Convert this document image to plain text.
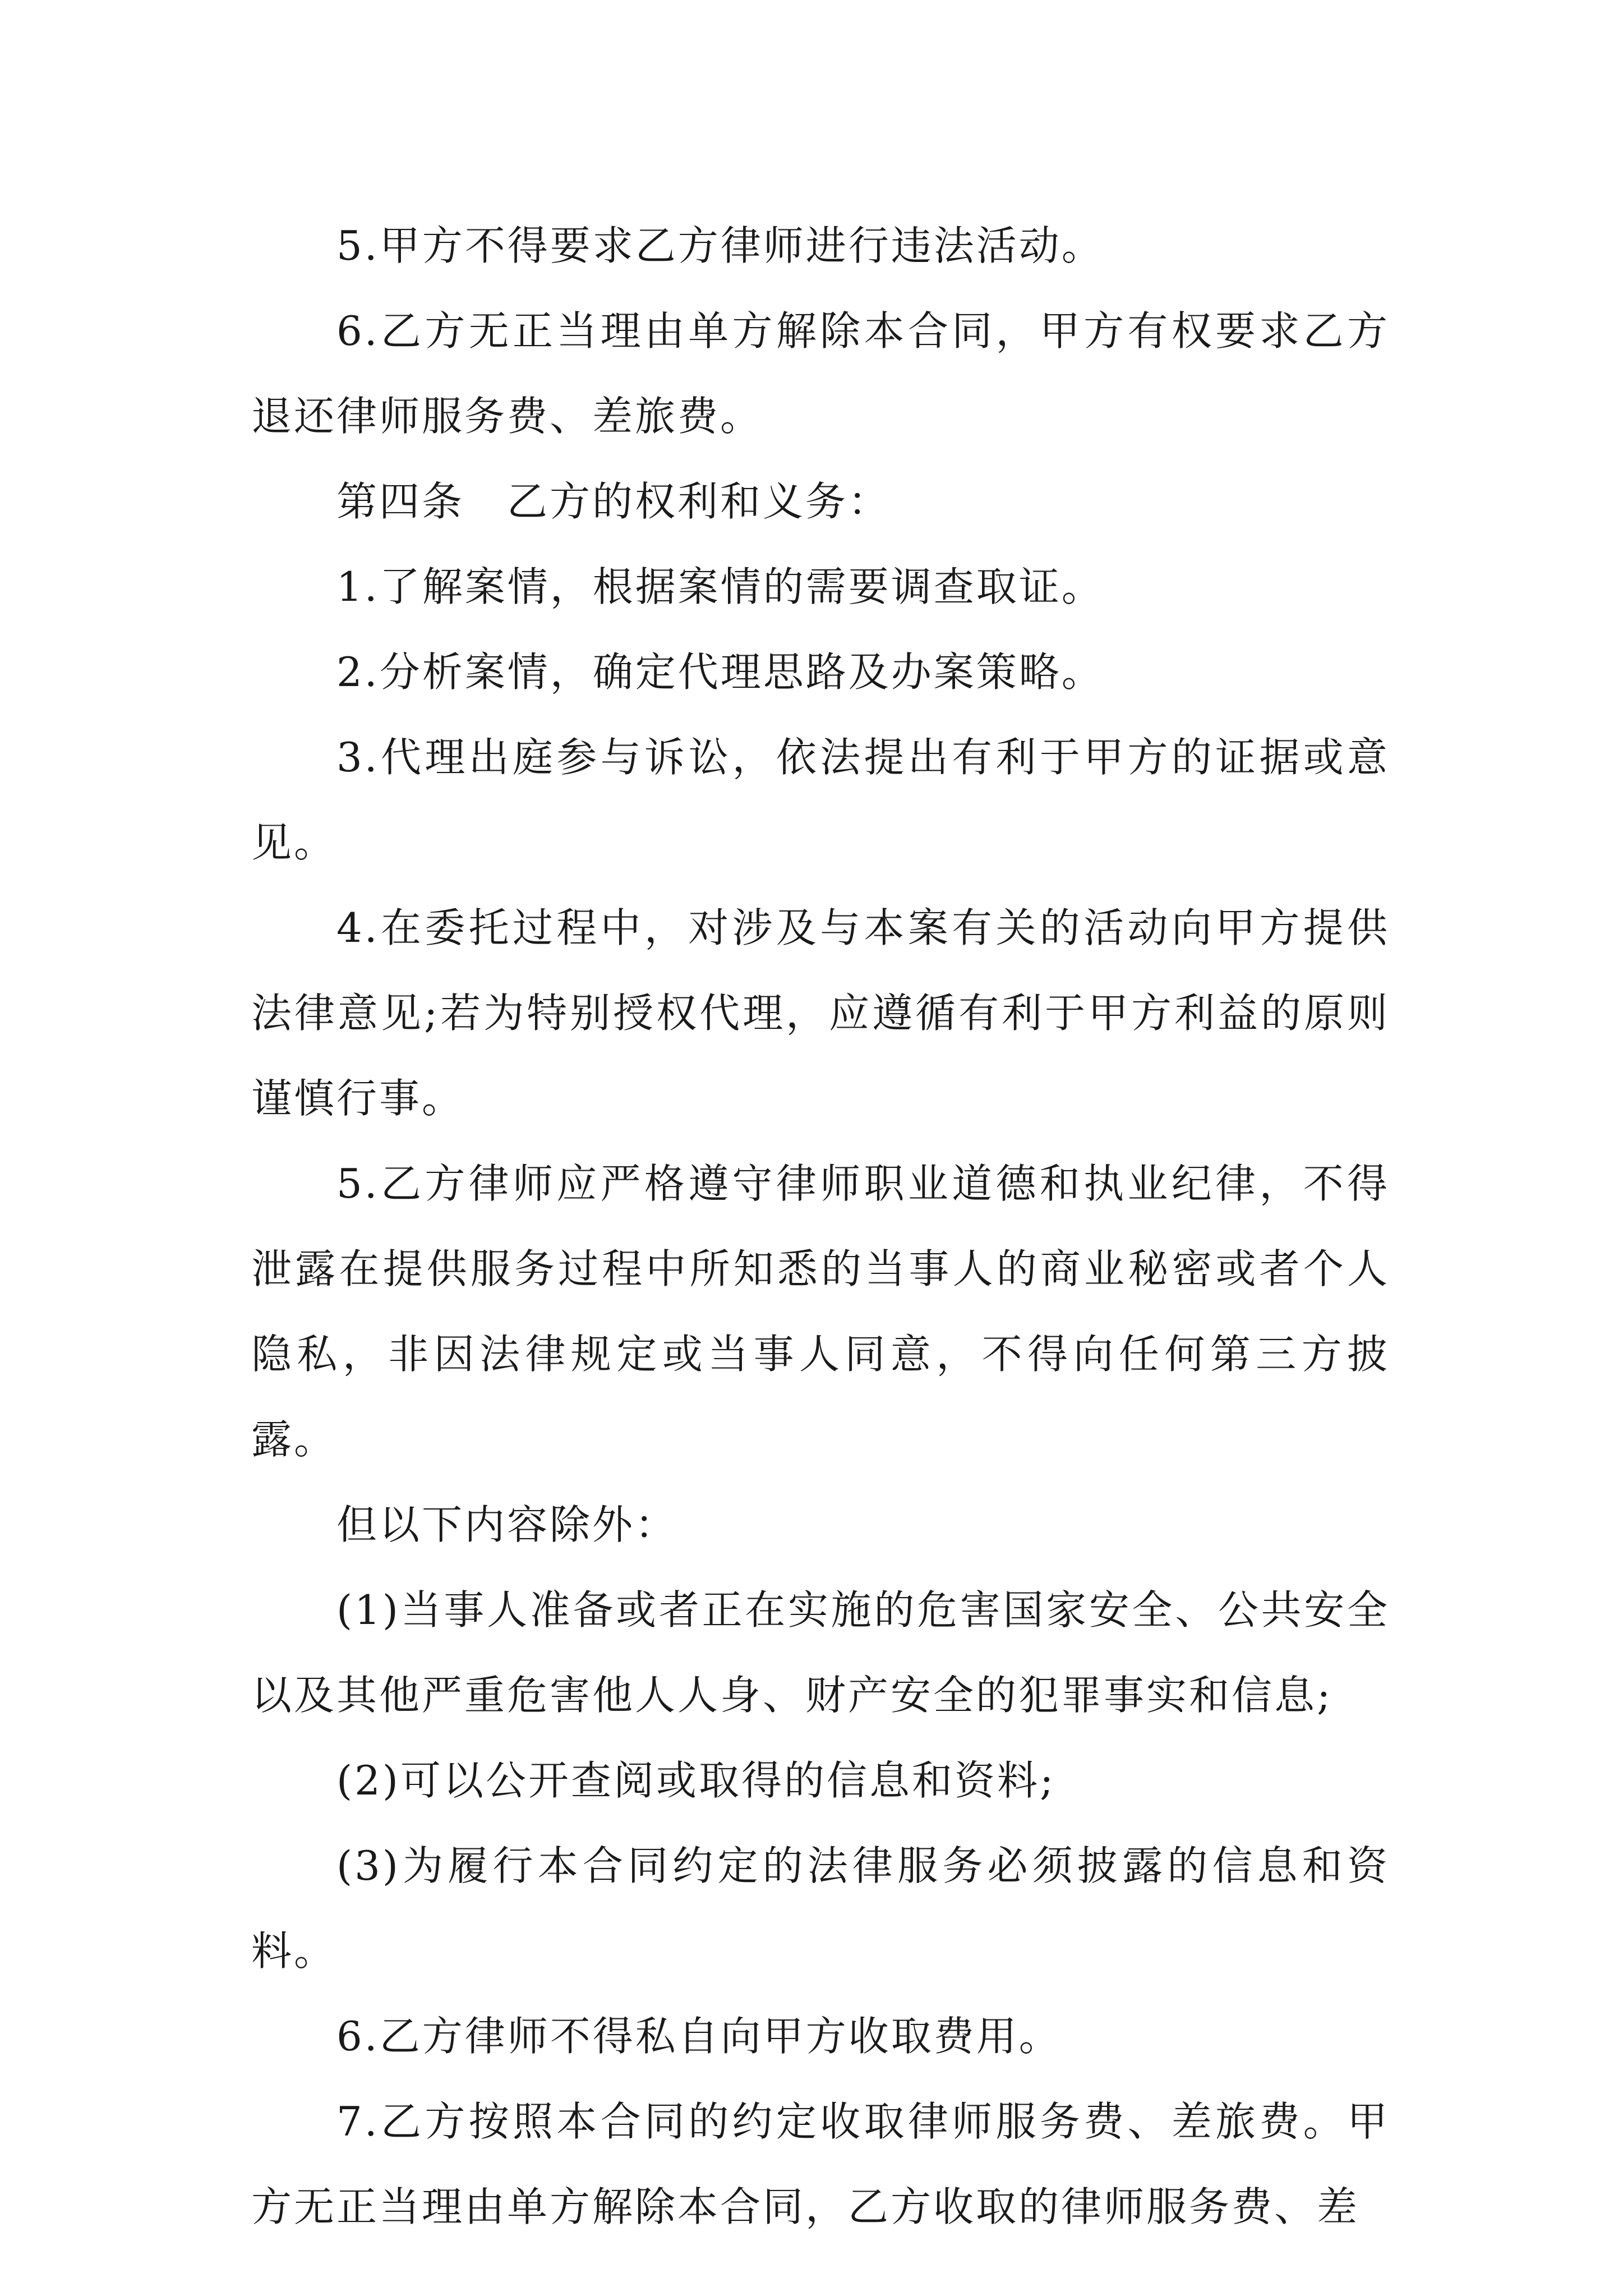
5.甲方不得要求乙方律师进行违法活动。

6.乙方无正当理由单方解除本合同，甲方有权要求乙方退还律师服务费、差旅费。

第四条　乙方的权利和义务：

1.了解案情，根据案情的需要调查取证。

2.分析案情，确定代理思路及办案策略。

3.代理出庭参与诉讼，依法提出有利于甲方的证据或意见。

4.在委托过程中，对涉及与本案有关的活动向甲方提供法律意见;若为特别授权代理，应遵循有利于甲方利益的原则谨慎行事。

5.乙方律师应严格遵守律师职业道德和执业纪律，不得泄露在提供服务过程中所知悉的当事人的商业秘密或者个人隐私，非因法律规定或当事人同意，不得向任何第三方披露。

但以下内容除外：

(1)当事人准备或者正在实施的危害国家安全、公共安全以及其他严重危害他人人身、财产安全的犯罪事实和信息;

(2)可以公开查阅或取得的信息和资料;

(3)为履行本合同约定的法律服务必须披露的信息和资料。

6.乙方律师不得私自向甲方收取费用。

7.乙方按照本合同的约定收取律师服务费、差旅费。甲方无正当理由单方解除本合同，乙方收取的律师服务费、差
